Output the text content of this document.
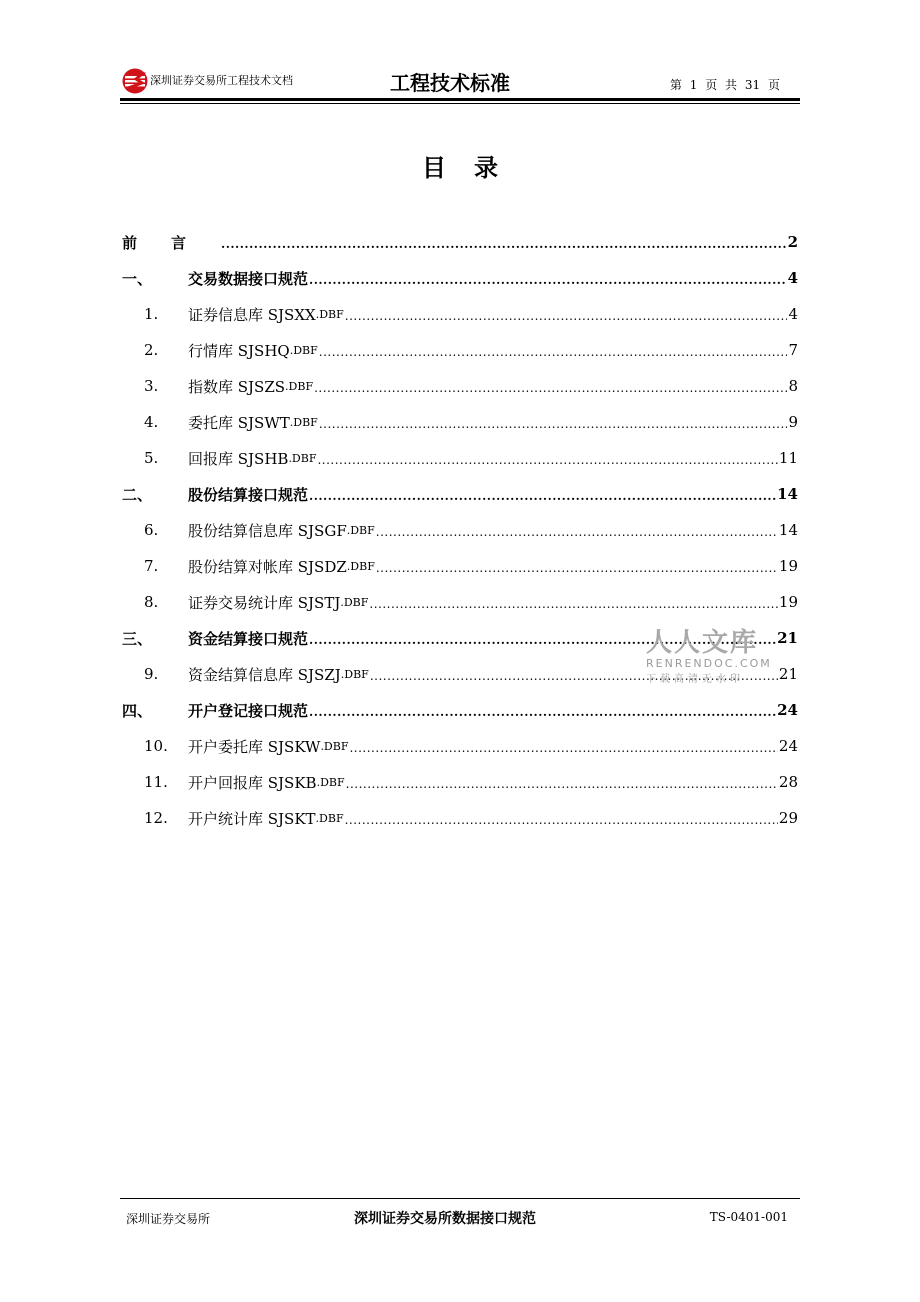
深圳证券交易所工程技术文档	工程技术标准	第 1 页 共 31 页
目录
前言 .....	2
一、	交易数据接口规范 .....	4
1.	证券信息库 SJSXX .DBF .....	4
2.	行情库 SJSHQ .DBF .....	7
3.	指数库 SJSZS .DBF .....	8
4.	委托库 SJSWT .DBF .....	9
5.	回报库 SJSHB .DBF .....	11
二、	股份结算接口规范 .....	14
6.	股份结算信息库 SJSGF .DBF .....	14
7.	股份结算对帐库 SJSDZ .DBF .....	19
8.	证券交易统计库 SJSTJ .DBF .....	19
三、	资金结算接口规范 .....	21
9.	资金结算信息库 SJSZJ .DBF .....	21
四、	开户登记接口规范 .....	24
10.	开户委托库 SJSKW .DBF .....	24
11.	开户回报库 SJSKB .DBF .....	28
12.	开户统计库 SJSKT .DBF .....	29
人人文库
RENRENDOC.COM
下载高清无水印
深圳证券交易所	深圳证券交易所数据接口规范	TS-0401-001
